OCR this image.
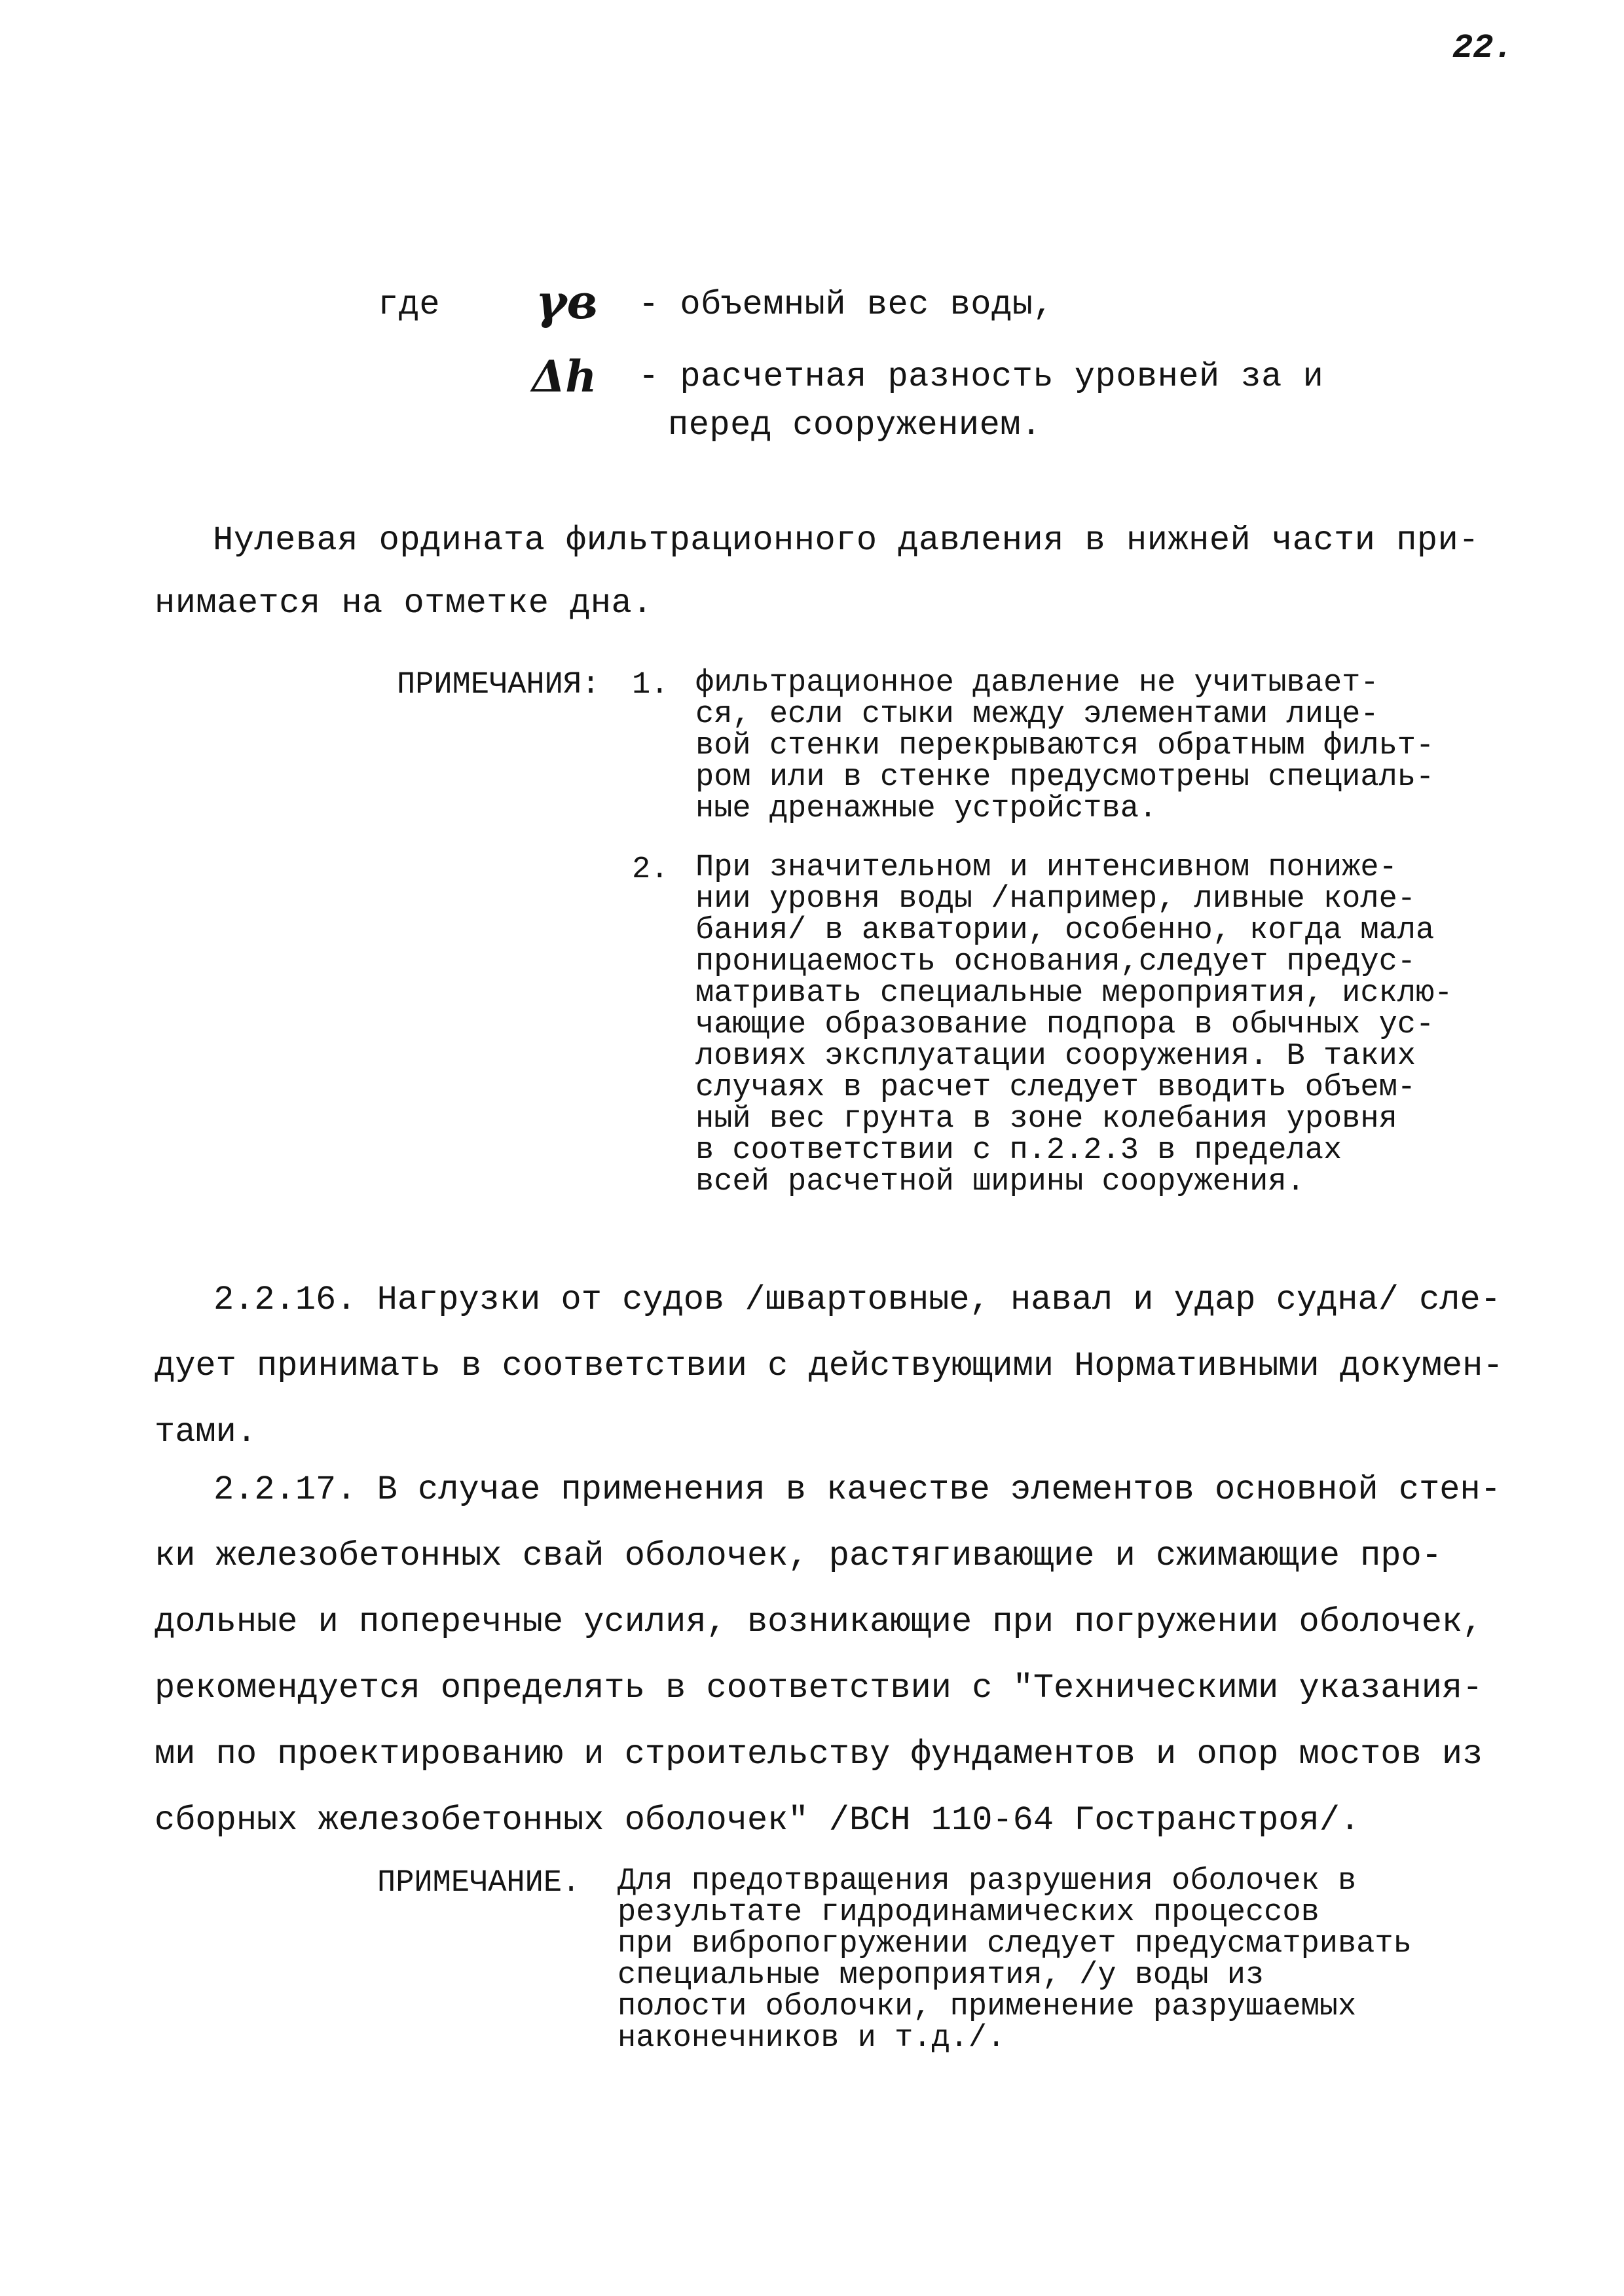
22.
где γв - объемный вес воды,
Δh - расчетная разность уровней за и
перед сооружением.
Нулевая ордината фильтрационного давления в нижней части при-
нимается на отметке дна.
ПРИМЕЧАНИЯ: 1. фильтрационное давление не учитывает-
ся, если стыки между элементами лице-
вой стенки перекрываются обратным фильт-
ром или в стенке предусмотрены специаль-
ные дренажные устройства.
2. При значительном и интенсивном пониже-
нии уровня воды /например, ливные коле-
бания/ в акватории, особенно, когда мала
проницаемость основания,следует предус-
матривать специальные мероприятия, исклю-
чающие образование подпора в обычных ус-
ловиях эксплуатации сооружения. В таких
случаях в расчет следует вводить объем-
ный вес грунта в зоне колебания уровня
в соответствии с п.2.2.3 в пределах
всей расчетной ширины сооружения.
2.2.16. Нагрузки от судов /швартовные, навал и удар судна/ сле-
дует принимать в соответствии с действующими Нормативными докумен-
тами.
2.2.17. В случае применения в качестве элементов основной стен-
ки железобетонных свай оболочек, растягивающие и сжимающие про-
дольные и поперечные усилия, возникающие при погружении оболочек,
рекомендуется определять в соответствии с "Техническими указания-
ми по проектированию и строительству фундаментов и опор мостов из
сборных железобетонных оболочек" /ВСН 110-64 Гостранстроя/.
ПРИМЕЧАНИЕ. Для предотвращения разрушения оболочек в
результате гидродинамических процессов
при вибропогружении следует предусматривать
специальные мероприятия, /у воды из
полости оболочки, применение разрушаемых
наконечников и т.д./.
